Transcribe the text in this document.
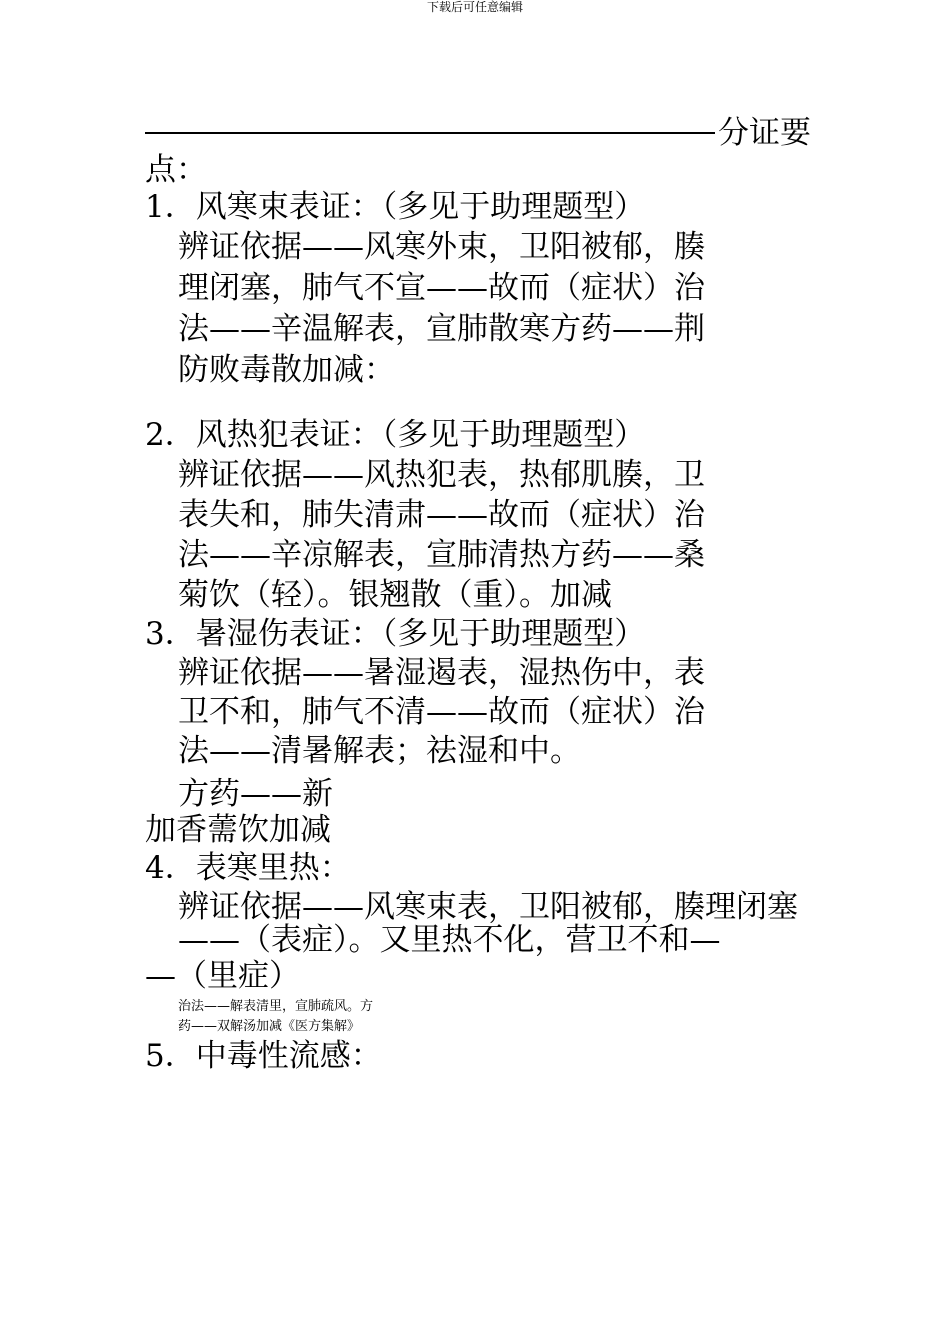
下载后可任意编辑
分证要
点：
1．风寒束表证：（多见于助理题型）
辨证依据——风寒外束，卫阳被郁，腠
理闭塞，肺气不宣——故而（症状）治
法——辛温解表，宣肺散寒方药——荆
防败毒散加减：
2．风热犯表证：（多见于助理题型）
辨证依据——风热犯表，热郁肌腠，卫
表失和，肺失清肃——故而（症状）治
法——辛凉解表，宣肺清热方药——桑
菊饮（轻）。银翘散（重）。加减
3．暑湿伤表证：（多见于助理题型）
辨证依据——暑湿遏表，湿热伤中，表
卫不和，肺气不清——故而（症状）治
法——清暑解表；祛湿和中。
方药——新
加香薷饮加减
4．表寒里热：
辨证依据——风寒束表，卫阳被郁，腠理闭塞
——（表症）。又里热不化，营卫不和—
—（里症）
治法——解表清里，宣肺疏风。方
药——双解汤加减《医方集解》
5．中毒性流感：
